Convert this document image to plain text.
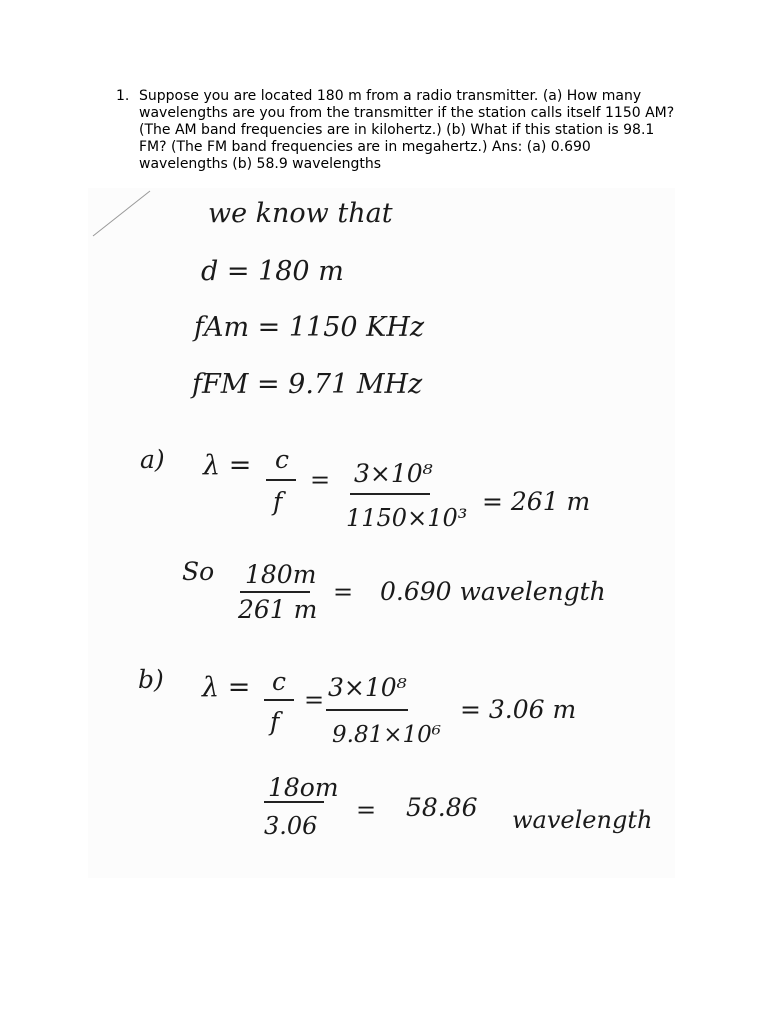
1. Suppose you are located 180 m from a radio transmitter. (a) How many wavelengths are you from the transmitter if the station calls itself 1150 AM? (The AM band frequencies are in kilohertz.) (b) What if this station is 98.1 FM? (The FM band frequencies are in megahertz.) Ans: (a) 0.690 wavelengths (b) 58.9 wavelengths
we know that
d = 180 m
fAm = 1150 KHz
fFM = 9.71 MHz
a) λ = c
f
= 3×10⁸
1150×10³
= 261 m
So 180m
261 m
= 0.690 wavelength
b) λ = c
f
= 3×10⁸
9.81×10⁶
= 3.06 m
18om
3.06
= 58.86 wavelength
